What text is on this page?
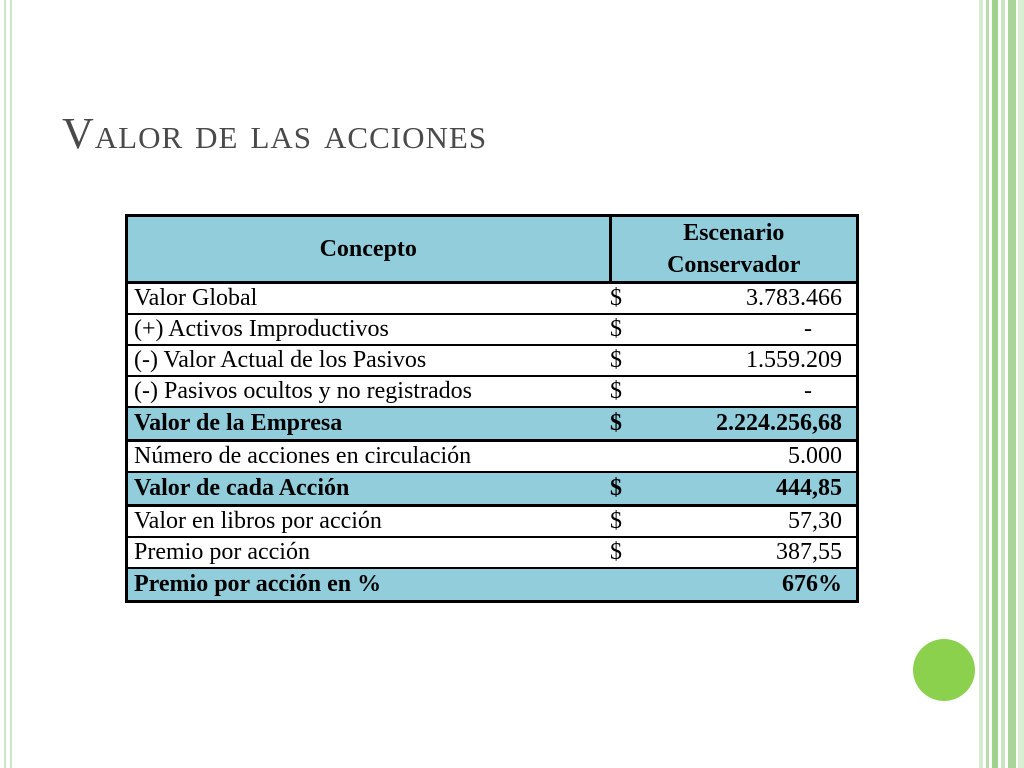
Valor de las acciones
Concepto	Escenario
Conservador	
Valor Global	$	3.783.466
(+) Activos Improductivos	$	-
(-) Valor Actual de los Pasivos	$	1.559.209
(-) Pasivos ocultos y no registrados	$	-
Valor de la Empresa	$	2.224.256,68
Número de acciones en circulación		5.000
Valor de cada Acción	$	444,85
Valor en libros por acción	$	57,30
Premio por acción	$	387,55
Premio por acción en %		676%
